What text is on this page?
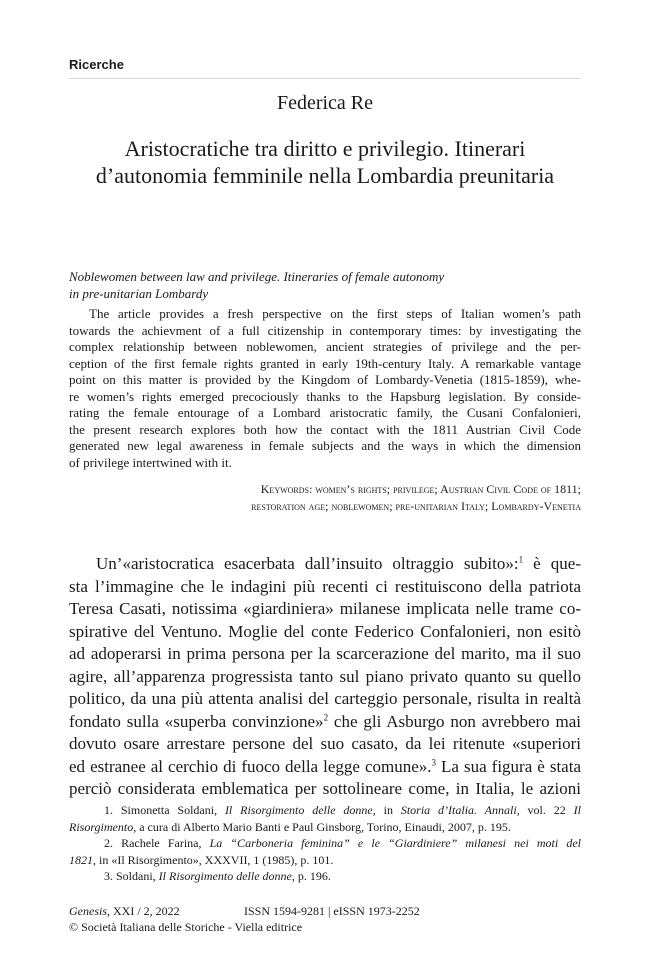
Ricerche
Federica Re
Aristocratiche tra diritto e privilegio. Itinerari
d’autonomia femminile nella Lombardia preunitaria
Noblewomen between law and privilege. Itineraries of female autonomy
in pre-unitarian Lombardy
The article provides a fresh perspective on the first steps of Italian women’s path
towards the achievment of a full citizenship in contemporary times: by investigating the
complex relationship between noblewomen, ancient strategies of privilege and the per-
ception of the first female rights granted in early 19th-century Italy. A remarkable vantage
point on this matter is provided by the Kingdom of Lombardy-Venetia (1815-1859), whe-
re women’s rights emerged precociously thanks to the Hapsburg legislation. By conside-
rating the female entourage of a Lombard aristocratic family, the Cusani Confalonieri,
the present research explores both how the contact with the 1811 Austrian Civil Code
generated new legal awareness in female subjects and the ways in which the dimension
of privilege intertwined with it.
Keywords: women’s rights; privilege; Austrian Civil Code of 1811;
restoration age; noblewomen; pre-unitarian Italy; Lombardy-Venetia
Un’«aristocratica esacerbata dall’insuito oltraggio subito»:$^1$ è que-
sta l’immagine che le indagini più recenti ci restituiscono della patriota
Teresa Casati, notissima «giardiniera» milanese implicata nelle trame co-
spirative del Ventuno. Moglie del conte Federico Confalonieri, non esitò
ad adoperarsi in prima persona per la scarcerazione del marito, ma il suo
agire, all’apparenza progressista tanto sul piano privato quanto su quello
politico, da una più attenta analisi del carteggio personale, risulta in realtà
fondato sulla «superba convinzione»$^2$ che gli Asburgo non avrebbero mai
dovuto osare arrestare persone del suo casato, da lei ritenute «superiori
ed estranee al cerchio di fuoco della legge comune».$^3$ La sua figura è stata
perciò considerata emblematica per sottolineare come, in Italia, le azioni
1. Simonetta Soldani, Il Risorgimento delle donne, in Storia d’Italia. Annali, vol. 22 Il
Risorgimento, a cura di Alberto Mario Banti e Paul Ginsborg, Torino, Einaudi, 2007, p. 195.
2. Rachele Farina, La “Carboneria feminina” e le “Giardiniere” milanesi nei moti del
1821, in «Il Risorgimento», XXXVII, 1 (1985), p. 101.
3. Soldani, Il Risorgimento delle donne, p. 196.
Genesis, XXI / 2, 2022	ISSN 1594-9281 | eISSN 1973-2252
© Società Italiana delle Storiche - Viella editrice
